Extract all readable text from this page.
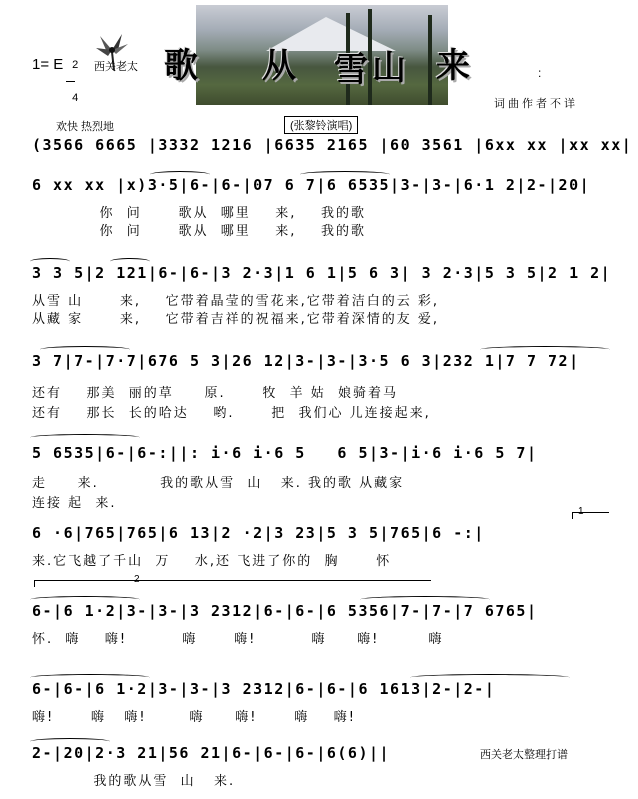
1= E 2

4

西关老太

歌 从 雪 山 来	:
词曲作者不详
(张黎铃演唱)
欢快 热烈地
(3566 6665 |3332 1216 |6635 2165 |60 3561 |6xx xx |xx xx|
6 xx xx |x)3·5|6-|6-|07 6 7|6 6535|3-|3-|6·1 2|2-|20|
你  问      歌从  哪里    来,    我的歌
你  问      歌从  哪里    来,    我的歌
3 3 5|2 121|6-|6-|3 2·3|1 6 1|5 6 3| 3 2·3|5 3 5|2 1 2|
从雪 山      来,    它带着晶莹的雪花来,它带着洁白的云 彩,
从藏 家      来,    它带着吉祥的祝福来,它带着深情的友 爱,
3 7|7-|7·7|676 5 3|26 12|3-|3-|3·5 6 3|232 1|7 7 72|
还有    那美  丽的草     原.      牧  羊 姑  娘骑着马
还有    那长  长的哈达    哟.      把  我们心 儿连接起来,
5 6535|6-|6-:||: i·6 i·6 5   6 5|3-|i·6 i·6 5 7|
走     来.          我的歌从雪  山   来. 我的歌 从藏家
连接 起  来.
1
6 ·6|765|765|6 13|2 ·2|3 23|5 3 5|765|6 -:|
来.它飞越了千山  万    水,还 飞进了你的  胸      怀
2
6-|6 1·2|3-|3-|3 2312|6-|6-|6 5356|7-|7-|7 6765|
怀.  嗨    嗨!         嗨      嗨!         嗨     嗨!        嗨
6-|6-|6 1·2|3-|3-|3 2312|6-|6-|6 1613|2-|2-|
嗨!      嗨   嗨!       嗨     嗨!      嗨    嗨!
2-|20|2·3 21|56 21|6-|6-|6-|6(6)||
我的歌从雪  山   来.
西关老太整理打谱
